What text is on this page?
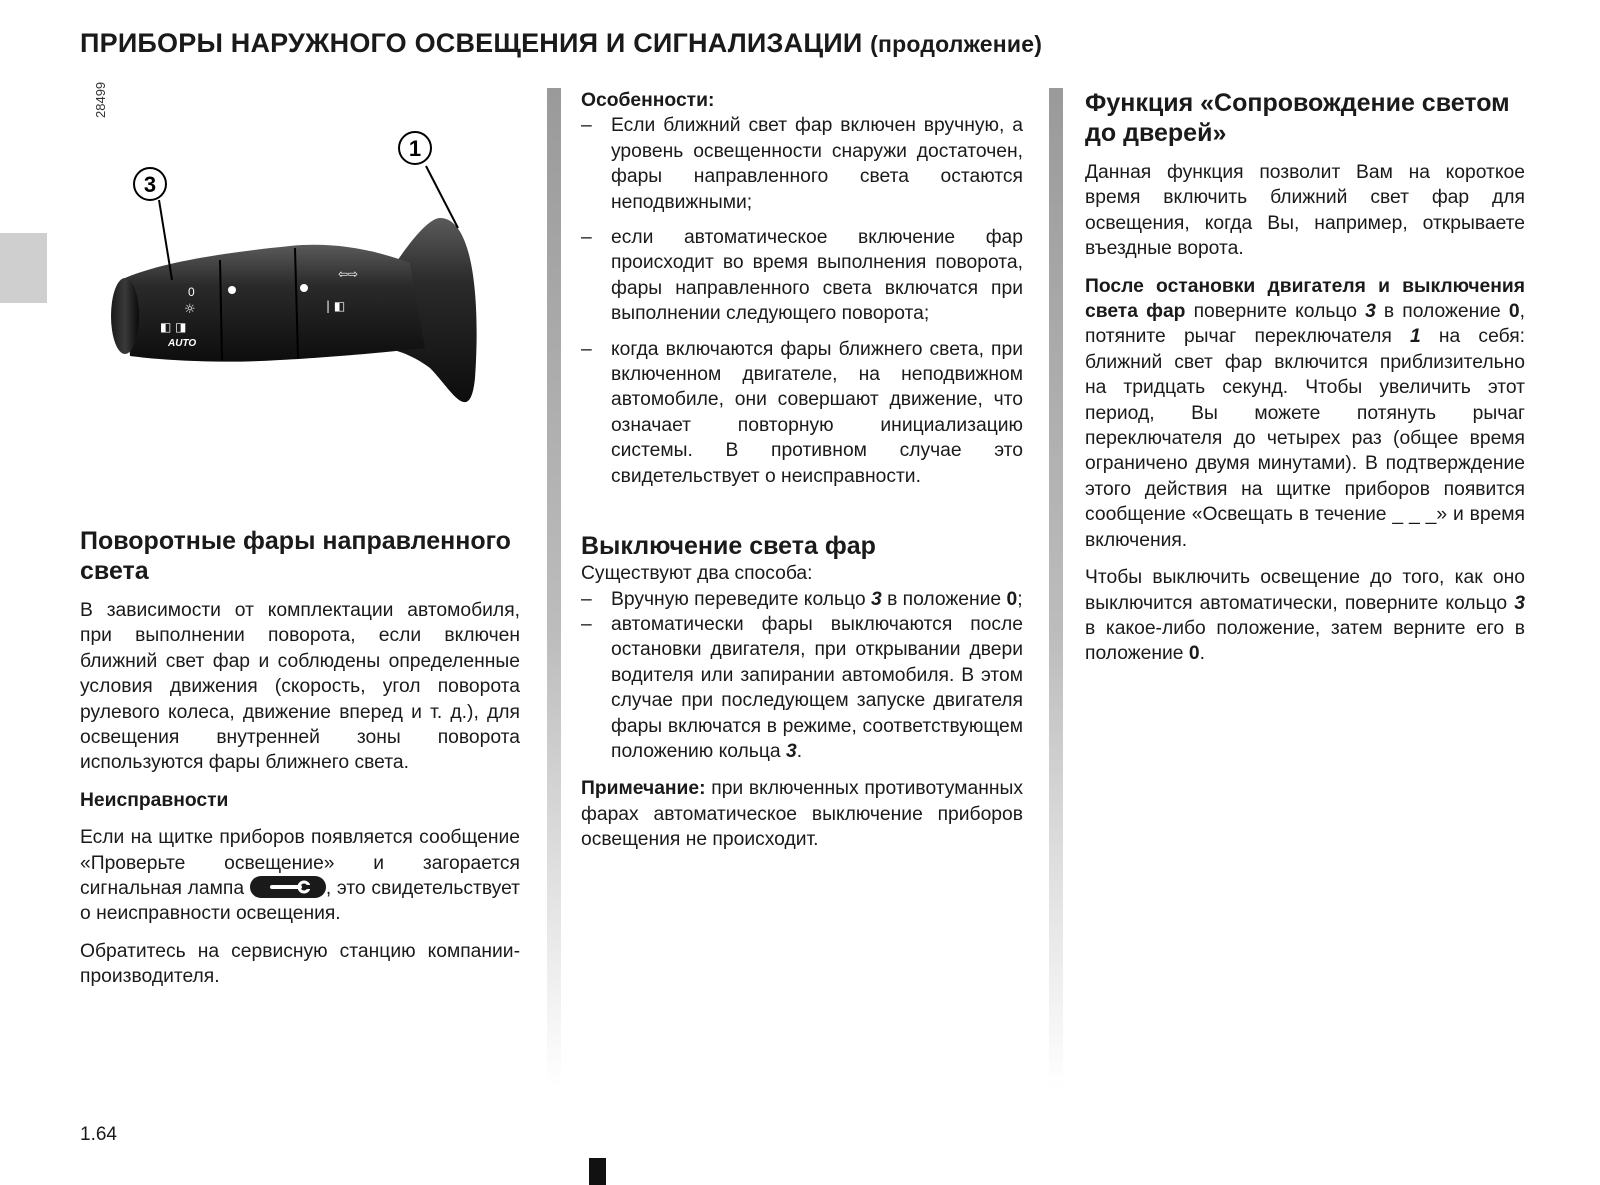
ПРИБОРЫ НАРУЖНОГО ОСВЕЩЕНИЯ И СИГНАЛИЗАЦИИ (продолжение)
28499
0
☼
◧ ◨
AUTO
⇦⇨
| ◧
3
1
Поворотные фары направленного света

В зависимости от комплектации автомобиля, при выполнении поворота, если включен ближний свет фар и соблюдены определенные условия движения (скорость, угол поворота рулевого колеса, движение вперед и т. д.), для освещения внутренней зоны поворота используются фары ближнего света.

Неисправности

Если на щитке приборов появляется сообщение «Проверьте освещение» и загорается сигнальная лампа	, это свидетельствует о неисправности освещения.

Обратитесь на сервисную станцию компании-производителя.

Особенности:

– Если ближний свет фар включен вручную, а уровень освещенности снаружи достаточен, фары направленного света остаются неподвижными;
– если автоматическое включение фар происходит во время выполнения поворота, фары направленного света включатся при выполнении следующего поворота;
– когда включаются фары ближнего света, при включенном двигателе, на неподвижном автомобиле, они совершают движение, что означает повторную инициализацию системы. В противном случае это свидетельствует о неисправности.
Выключение света фар

Существуют два способа:

– Вручную переведите кольцо 3 в положение 0;
– автоматически фары выключаются после остановки двигателя, при открывании двери водителя или запирании автомобиля. В этом случае при последующем запуске двигателя фары включатся в режиме, соответствующем положению кольца 3.

Примечание: при включенных противотуманных фарах автоматическое выключение приборов освещения не происходит.

Функция «Сопровождение светом до дверей»

Данная функция позволит Вам на короткое время включить ближний свет фар для освещения, когда Вы, например, открываете въездные ворота.

После остановки двигателя и выключения света фар поверните кольцо 3 в положение 0, потяните рычаг переключателя 1 на себя: ближний свет фар включится приблизительно на тридцать секунд. Чтобы увеличить этот период, Вы можете потянуть рычаг переключателя до четырех раз (общее время ограничено двумя минутами). В подтверждение этого действия на щитке приборов появится сообщение «Освещать в течение _ _ _» и время включения.

Чтобы выключить освещение до того, как оно выключится автоматически, поверните кольцо 3 в какое-либо положение, затем верните его в положение 0.

1.64
